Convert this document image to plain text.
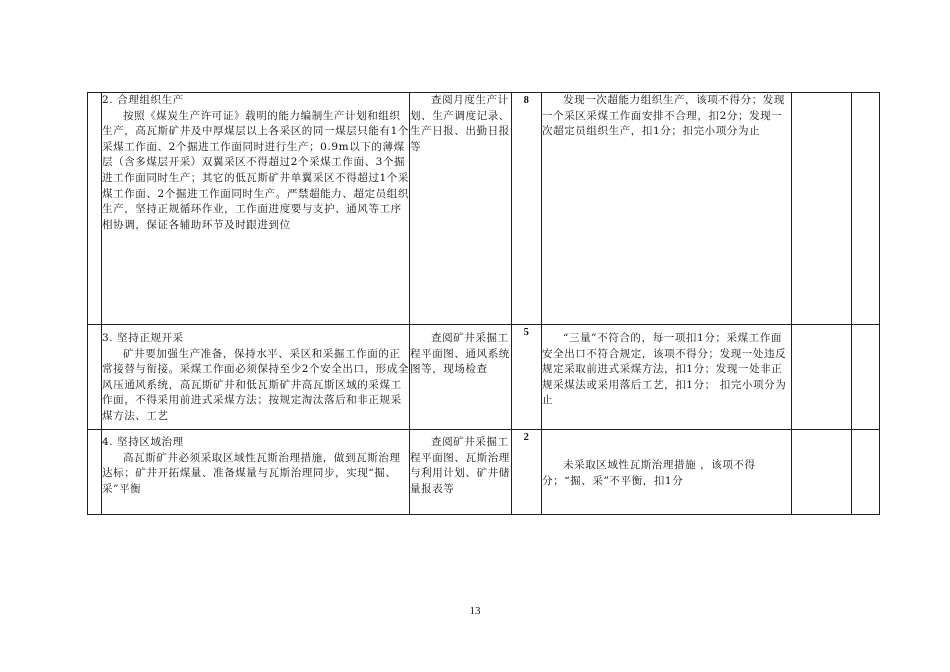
	2. 合理组织生产
按照《煤炭生产许可证》载明的能力编制生产计划和组织生产，高瓦斯矿井及中厚煤层以上各采区的同一煤层只能有1个采煤工作面、2个掘进工作面同时进行生产；0.9m以下的薄煤层（含多煤层开采）双翼采区不得超过2个采煤工作面、3个掘进工作面同时生产；其它的低瓦斯矿井单翼采区不得超过1个采煤工作面、2个掘进工作面同时生产。严禁超能力、超定员组织生产，坚持正规循环作业，工作面进度要与支护、通风等工序相协调，保证各辅助环节及时跟进到位	查阅月度生产计划、生产调度记录、生产日报、出勤日报等	8	发现一次超能力组织生产，该项不得分；发现一个采区采煤工作面安排不合理，扣2分；发现一次超定员组织生产，扣1分；扣完小项分为止		

	3. 坚持正规开采
矿井要加强生产准备，保持水平、采区和采掘工作面的正常接替与衔接。采煤工作面必须保持至少2个安全出口，形成全风压通风系统，高瓦斯矿井和低瓦斯矿井高瓦斯区域的采煤工作面，不得采用前进式采煤方法；按规定淘汰落后和非正规采煤方法、工艺	查阅矿井采掘工程平面图、通风系统图等，现场检查	5	“三量”不符合的，每一项扣1分；采煤工作面安全出口不符合规定，该项不得分；发现一处违反规定采取前进式采煤方法，扣1分；发现一处非正规采煤法或采用落后工艺，扣1分； 扣完小项分为止		

	4. 坚持区域治理
高瓦斯矿井必须采取区域性瓦斯治理措施，做到瓦斯治理达标；矿井开拓煤量、准备煤量与瓦斯治理同步，实现“掘、采”平衡	查阅矿井采掘工程平面图、瓦斯治理与利用计划、矿井储量报表等	2	未采取区域性瓦斯治理措施 ，该项不得分；“掘、采”不平衡，扣1分		

13
